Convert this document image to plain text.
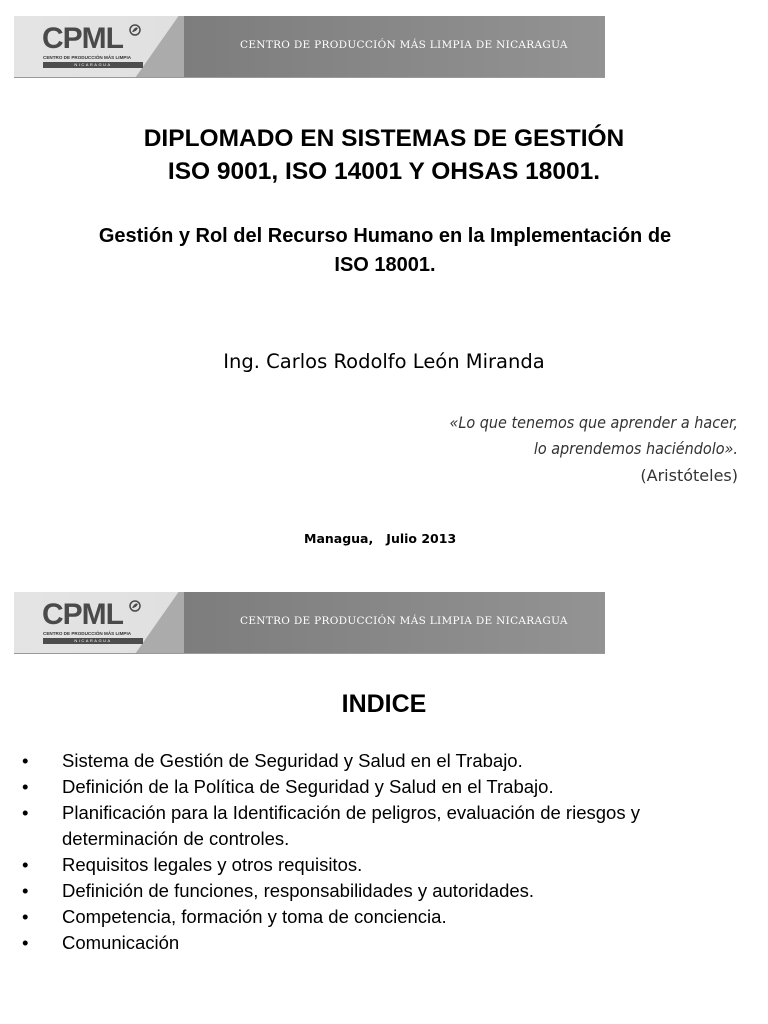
CPML
CENTRO DE PRODUCCIÓN MÁS LIMPIA
NICARAGUA
CENTRO DE PRODUCCIÓN MÁS LIMPIA DE NICARAGUA
DIPLOMADO EN SISTEMAS DE GESTIÓN
ISO 9001, ISO 14001 Y OHSAS 18001.
Gestión y Rol del Recurso Humano en la Implementación de
ISO 18001.
Ing. Carlos Rodolfo León Miranda
«Lo que tenemos que aprender a hacer,
lo aprendemos haciéndolo».
(Aristóteles)
Managua,   Julio 2013
CPML
CENTRO DE PRODUCCIÓN MÁS LIMPIA
NICARAGUA
CENTRO DE PRODUCCIÓN MÁS LIMPIA DE NICARAGUA
INDICE
• Sistema de Gestión de Seguridad y Salud en el Trabajo.
• Definición de la Política de Seguridad y Salud en el Trabajo.
• Planificación para la Identificación de peligros, evaluación de riesgos y determinación de controles.
• Requisitos legales y otros requisitos.
• Definición de funciones, responsabilidades y autoridades.
• Competencia, formación y toma de conciencia.
• Comunicación
